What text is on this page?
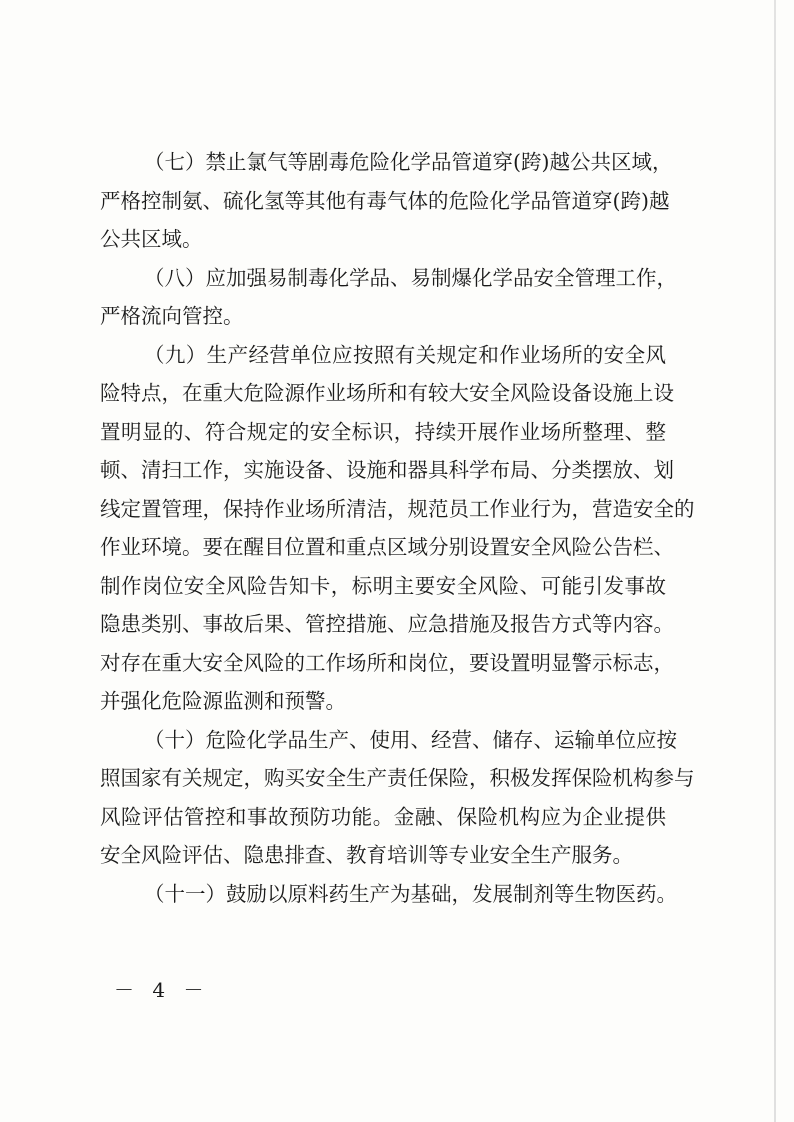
（七）禁止氯气等剧毒危险化学品管道穿(跨)越公共区域，
严格控制氨、硫化氢等其他有毒气体的危险化学品管道穿(跨)越
公共区域。
（八）应加强易制毒化学品、易制爆化学品安全管理工作，
严格流向管控。
（九）生产经营单位应按照有关规定和作业场所的安全风
险特点，在重大危险源作业场所和有较大安全风险设备设施上设
置明显的、符合规定的安全标识，持续开展作业场所整理、整
顿、清扫工作，实施设备、设施和器具科学布局、分类摆放、划
线定置管理，保持作业场所清洁，规范员工作业行为，营造安全的
作业环境。要在醒目位置和重点区域分别设置安全风险公告栏、
制作岗位安全风险告知卡，标明主要安全风险、可能引发事故
隐患类别、事故后果、管控措施、应急措施及报告方式等内容。
对存在重大安全风险的工作场所和岗位，要设置明显警示标志，
并强化危险源监测和预警。
（十）危险化学品生产、使用、经营、储存、运输单位应按
照国家有关规定，购买安全生产责任保险，积极发挥保险机构参与
风险评估管控和事故预防功能。金融、保险机构应为企业提供
安全风险评估、隐患排查、教育培训等专业安全生产服务。
（十一）鼓励以原料药生产为基础，发展制剂等生物医药。
－ 4 －
